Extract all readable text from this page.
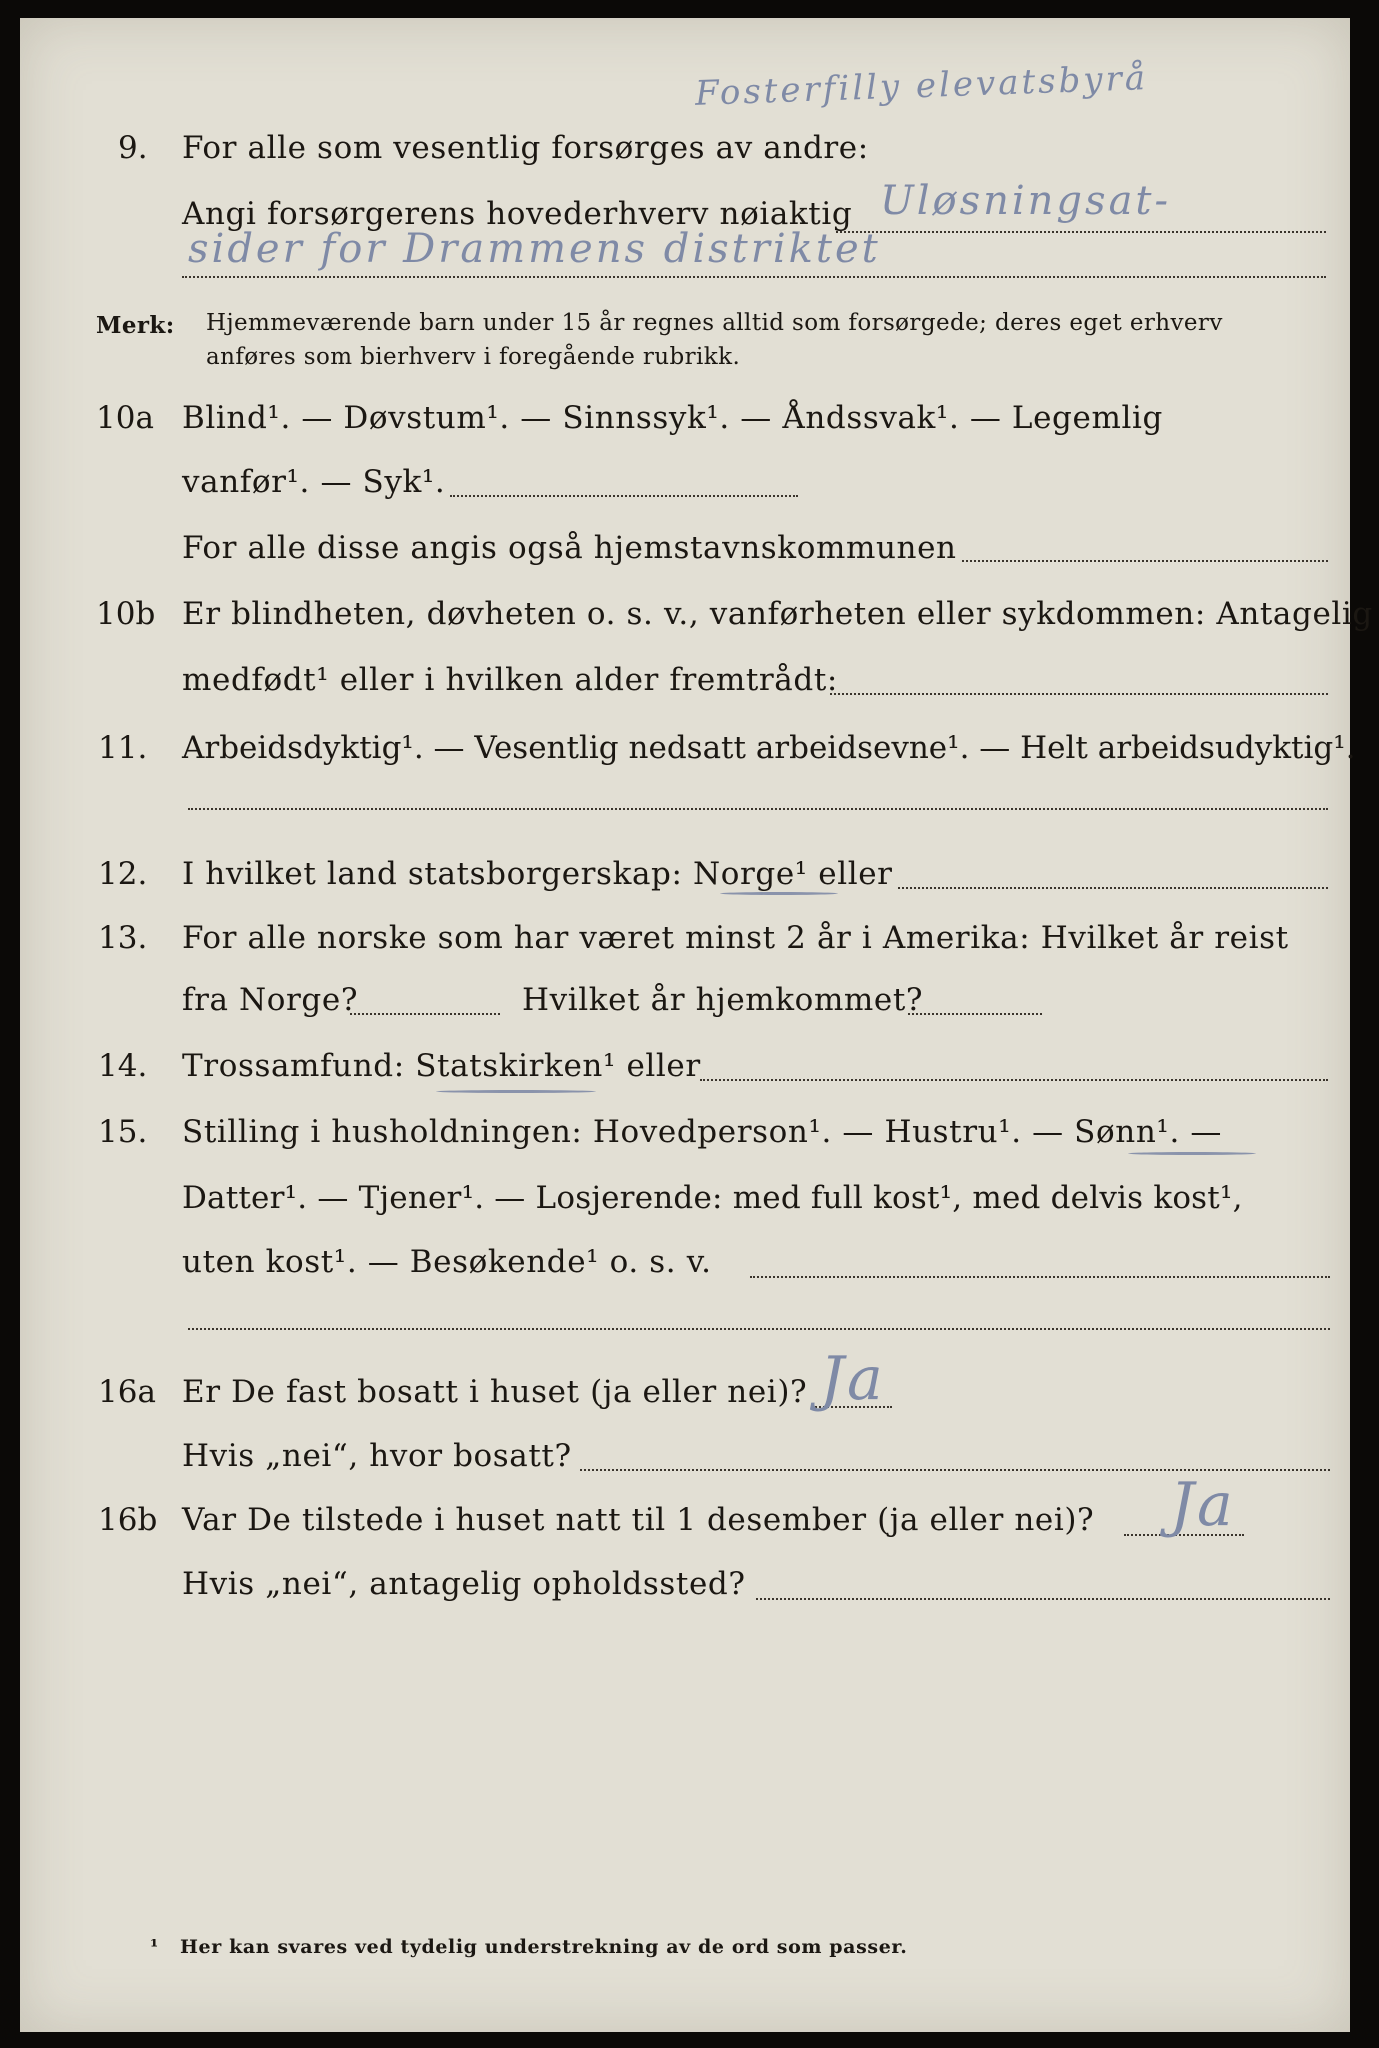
Fosterfilly elevatsbyrå
9. For alle som vesentlig forsørges av andre:
Angi forsørgerens hovederhverv nøiaktig Uløsningsat-
sider for Drammens distriktet
Merk: Hjemmeværende barn under 15 år regnes alltid som forsørgede; deres eget erhverv
anføres som bierhverv i foregående rubrikk.
10a Blind¹. — Døvstum¹. — Sinnssyk¹. — Åndssvak¹. — Legemlig
vanfør¹. — Syk¹.
For alle disse angis også hjemstavnskommunen
10b Er blindheten, døvheten o. s. v., vanførheten eller sykdommen: Antagelig
medfødt¹ eller i hvilken alder fremtrådt:
11. Arbeidsdyktig¹. — Vesentlig nedsatt arbeidsevne¹. — Helt arbeidsudyktig¹.
12. I hvilket land statsborgerskap: Norge¹ eller
13. For alle norske som har været minst 2 år i Amerika: Hvilket år reist
fra Norge?	Hvilket år hjemkommet?
14. Trossamfund: Statskirken¹ eller
15. Stilling i husholdningen: Hovedperson¹. — Hustru¹. — Sønn¹. —
Datter¹. — Tjener¹. — Losjerende: med full kost¹, med delvis kost¹,
uten kost¹. — Besøkende¹ o. s. v.
16a Er De fast bosatt i huset (ja eller nei)? Ja
Hvis „nei“, hvor bosatt?
16b Var De tilstede i huset natt til 1 desember (ja eller nei)? Ja
Hvis „nei“, antagelig opholdssted?
¹ Her kan svares ved tydelig understrekning av de ord som passer.
